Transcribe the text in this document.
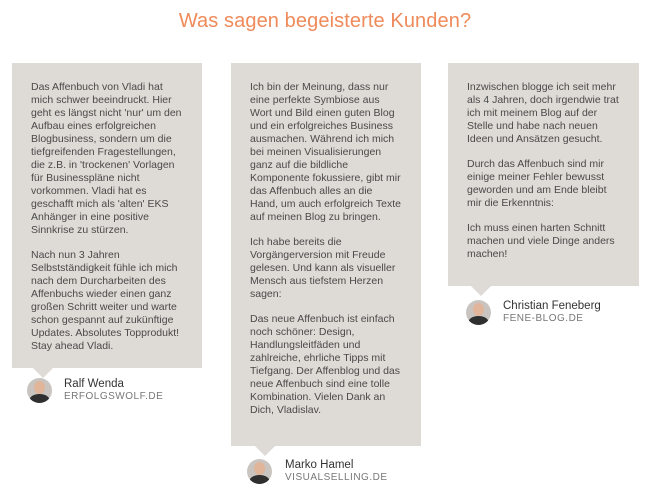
Was sagen begeisterte Kunden?

Das Affenbuch von Vladi hat mich schwer beeindruckt. Hier geht es längst nicht 'nur' um den Aufbau eines erfolgreichen Blogbusiness, sondern um die tiefgreifenden Fragestellungen, die z.B. in 'trockenen' Vorlagen für Businesspläne nicht vorkommen. Vladi hat es geschafft mich als 'alten' EKS Anhänger in eine positive Sinnkrise zu stürzen.

Nach nun 3 Jahren Selbstständigkeit fühle ich mich nach dem Durcharbeiten des Affenbuchs wieder einen ganz großen Schritt weiter und warte schon gespannt auf zukünftige Updates. Absolutes Topprodukt! Stay ahead Vladi.

Ralf Wenda
ERFOLGSWOLF.DE

Ich bin der Meinung, dass nur eine perfekte Symbiose aus Wort und Bild einen guten Blog und ein erfolgreiches Business ausmachen. Während ich mich bei meinen Visualisierungen ganz auf die bildliche Komponente fokussiere, gibt mir das Affenbuch alles an die Hand, um auch erfolgreich Texte auf meinen Blog zu bringen.

Ich habe bereits die Vorgängerversion mit Freude gelesen. Und kann als visueller Mensch aus tiefstem Herzen sagen:

Das neue Affenbuch ist einfach noch schöner: Design, Handlungsleitfäden und zahlreiche, ehrliche Tipps mit Tiefgang. Der Affenblog und das neue Affenbuch sind eine tolle Kombination. Vielen Dank an Dich, Vladislav.

Marko Hamel
VISUALSELLING.DE

Inzwischen blogge ich seit mehr als 4 Jahren, doch irgendwie trat ich mit meinem Blog auf der Stelle und habe nach neuen Ideen und Ansätzen gesucht.

Durch das Affenbuch sind mir einige meiner Fehler bewusst geworden und am Ende bleibt mir die Erkenntnis:

Ich muss einen harten Schnitt machen und viele Dinge anders machen!

Christian Feneberg
FENE-BLOG.DE
